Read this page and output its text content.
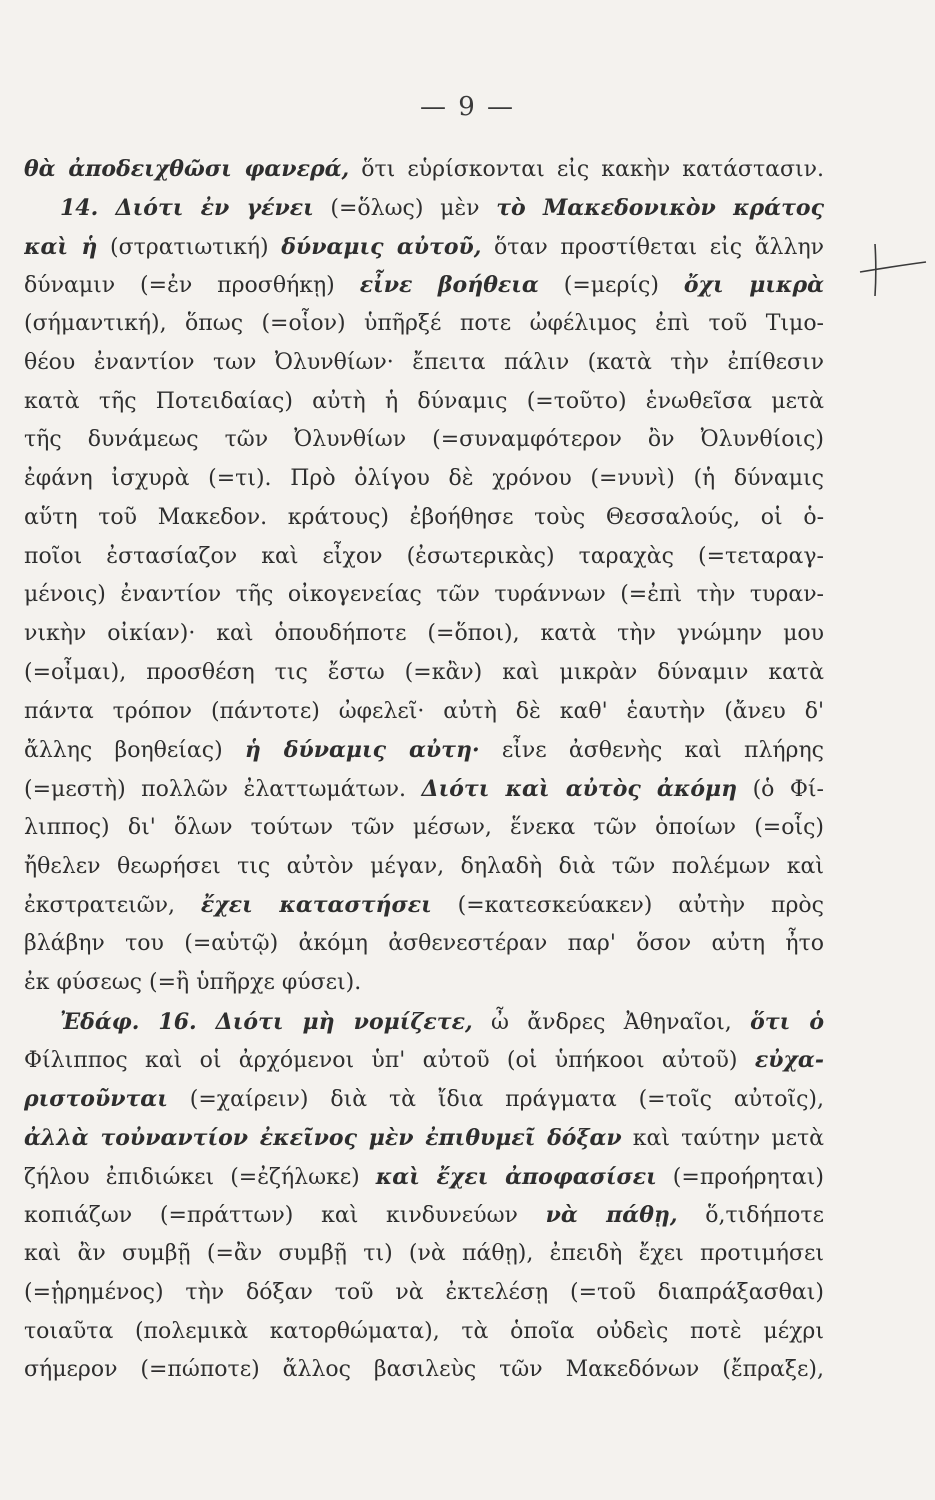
— 9 —
θὰ ἀποδειχθῶσι φανερά, ὅτι εὑρίσκονται εἰς κακὴν κατάστασιν.
14. Διότι ἐν γένει (=ὅλως) μὲν τὸ Μακεδονικὸν κράτος
καὶ ἡ (στρατιωτική) δύναμις αὐτοῦ, ὅταν προστίθεται εἰς ἄλλην
δύναμιν (=ἐν προσθήκῃ) εἶνε βοήθεια (=μερίς) ὄχι μικρὰ
(σήμαντική), ὅπως (=οἷον) ὑπῆρξέ ποτε ὠφέλιμος ἐπὶ τοῦ Τιμο-
θέου ἐναντίον των Ὀλυνθίων· ἔπειτα πάλιν (κατὰ τὴν ἐπίθεσιν
κατὰ τῆς Ποτειδαίας) αὐτὴ ἡ δύναμις (=τοῦτο) ἑνωθεῖσα μετὰ
τῆς δυνάμεως τῶν Ὀλυνθίων (=συναμφότερον ὂν Ὀλυνθίοις)
ἐφάνη ἰσχυρὰ (=τι). Πρὸ ὀλίγου δὲ χρόνου (=νυνὶ) (ἡ δύναμις
αὕτη τοῦ Μακεδον. κράτους) ἐβοήθησε τοὺς Θεσσαλούς, οἱ ὁ-
ποῖοι ἐστασίαζον καὶ εἶχον (ἐσωτερικὰς) ταραχὰς (=τεταραγ-
μένοις) ἐναντίον τῆς οἰκογενείας τῶν τυράννων (=ἐπὶ τὴν τυραν-
νικὴν οἰκίαν)· καὶ ὁπουδήποτε (=ὅποι), κατὰ τὴν γνώμην μου
(=οἶμαι), προσθέση τις ἔστω (=κἂν) καὶ μικρὰν δύναμιν κατὰ
πάντα τρόπον (πάντοτε) ὠφελεῖ· αὐτὴ δὲ καθ' ἑαυτὴν (ἄνευ δ'
ἄλλης βοηθείας) ἡ δύναμις αὐτη· εἶνε ἀσθενὴς καὶ πλήρης
(=μεστὴ) πολλῶν ἐλαττωμάτων. Διότι καὶ αὐτὸς ἀκόμη (ὁ Φί-
λιππος) δι' ὅλων τούτων τῶν μέσων, ἕνεκα τῶν ὁποίων (=οἷς)
ἤθελεν θεωρήσει τις αὐτὸν μέγαν, δηλαδὴ διὰ τῶν πολέμων καὶ
ἐκστρατειῶν, ἔχει καταστήσει (=κατεσκεύακεν) αὐτὴν πρὸς
βλάβην του (=αὑτῷ) ἀκόμη ἀσθενεστέραν παρ' ὅσον αὐτη ἦτο
ἐκ φύσεως (=ἢ ὑπῆρχε φύσει).
Ἐδάφ. 16. Διότι μὴ νομίζετε, ὦ ἄνδρες Ἀθηναῖοι, ὅτι ὁ
Φίλιππος καὶ οἱ ἀρχόμενοι ὑπ' αὐτοῦ (οἱ ὑπήκοοι αὐτοῦ) εὐχα-
ριστοῦνται (=χαίρειν) διὰ τὰ ἴδια πράγματα (=τοῖς αὐτοῖς),
ἀλλὰ τοὐναντίον ἐκεῖνος μὲν ἐπιθυμεῖ δόξαν καὶ ταύτην μετὰ
ζήλου ἐπιδιώκει (=ἐζήλωκε) καὶ ἔχει ἀποφασίσει (=προήρηται)
κοπιάζων (=πράττων) καὶ κινδυνεύων νὰ πάθῃ, ὅ,τιδήποτε
καὶ ἂν συμβῇ (=ἂν συμβῇ τι) (νὰ πάθῃ), ἐπειδὴ ἔχει προτιμήσει
(=ᾑρημένος) τὴν δόξαν τοῦ νὰ ἐκτελέσῃ (=τοῦ διαπράξασθαι)
τοιαῦτα (πολεμικὰ κατορθώματα), τὰ ὁποῖα οὐδεὶς ποτὲ μέχρι
σήμερον (=πώποτε) ἄλλος βασιλεὺς τῶν Μακεδόνων (ἔπραξε),
